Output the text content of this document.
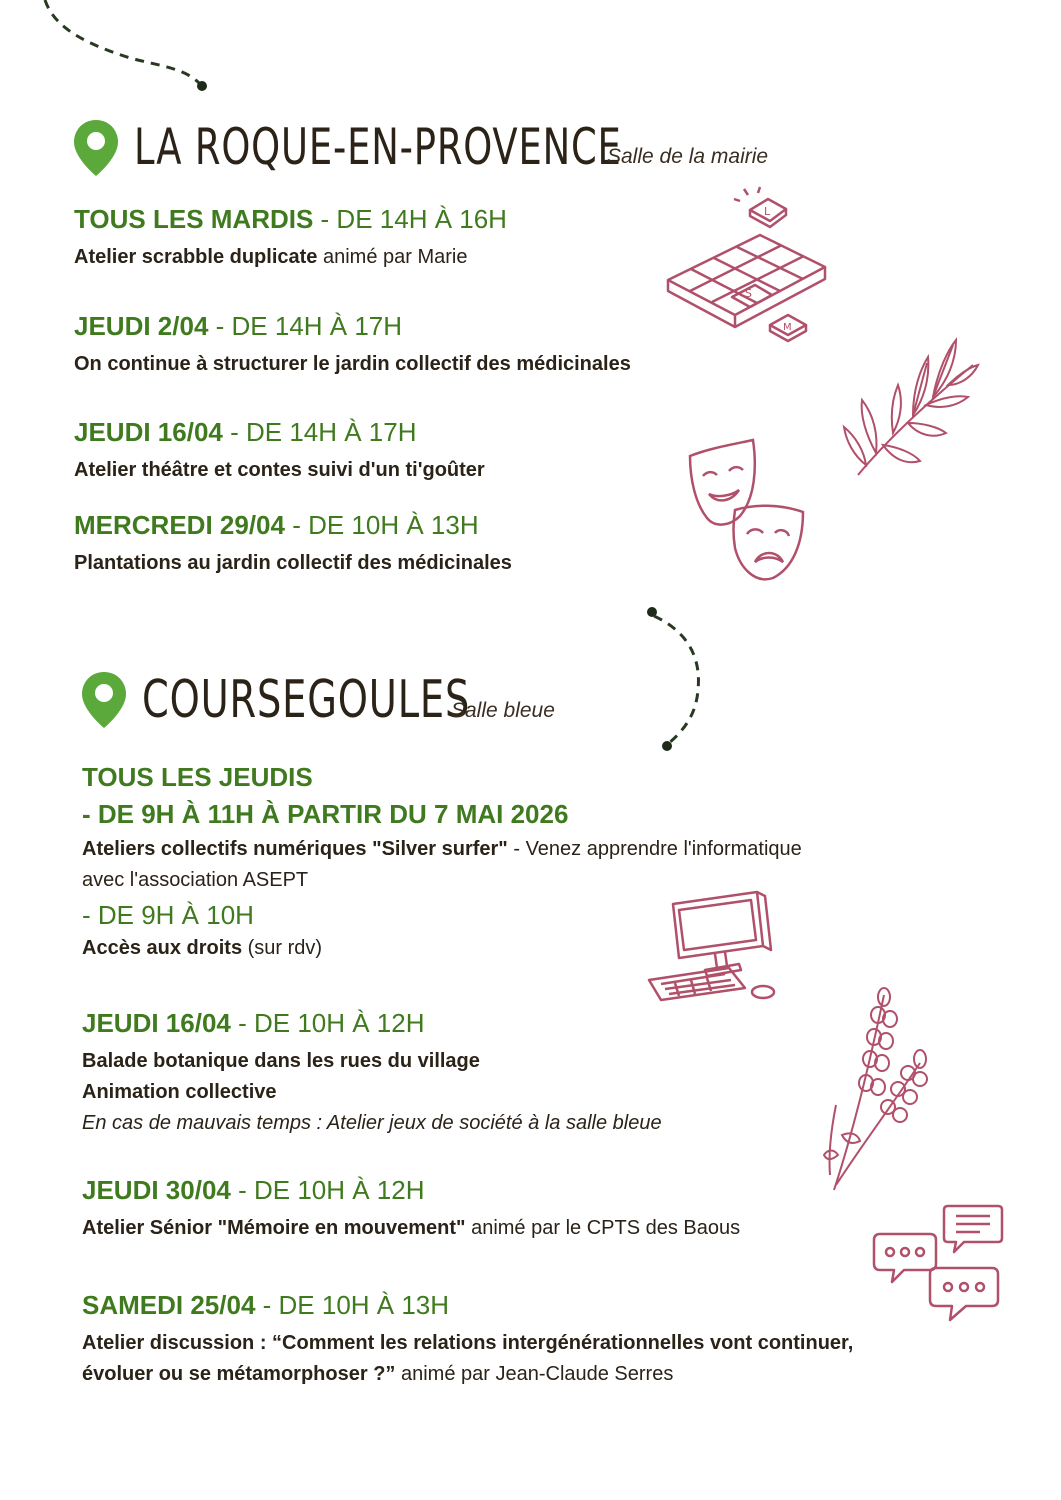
LA ROQUE-EN-PROVENCE
Salle de la mairie
TOUS LES MARDIS - DE 14H À 16H
Atelier scrabble duplicate animé par Marie
JEUDI 2/04 - DE 14H À 17H
On continue à structurer le jardin collectif des médicinales
JEUDI 16/04 - DE 14H À 17H
Atelier théâtre et contes suivi d'un ti'goûter
MERCREDI 29/04 - DE 10H À 13H
Plantations au jardin collectif des médicinales
S
L
M
COURSEGOULES
Salle bleue
TOUS LES JEUDIS
- DE 9H À 11H À PARTIR DU 7 MAI 2026
Ateliers collectifs numériques "Silver surfer" - Venez apprendre l'informatique
avec l'association ASEPT
- DE 9H À 10H
Accès aux droits (sur rdv)
JEUDI 16/04 - DE 10H À 12H
Balade botanique dans les rues du village
Animation collective
En cas de mauvais temps : Atelier jeux de société à la salle bleue
JEUDI 30/04 - DE 10H À 12H
Atelier Sénior "Mémoire en mouvement" animé par le CPTS des Baous
SAMEDI 25/04 - DE 10H À 13H
Atelier discussion : “Comment les relations intergénérationnelles vont continuer,
évoluer ou se métamorphoser ?” animé par Jean-Claude Serres
